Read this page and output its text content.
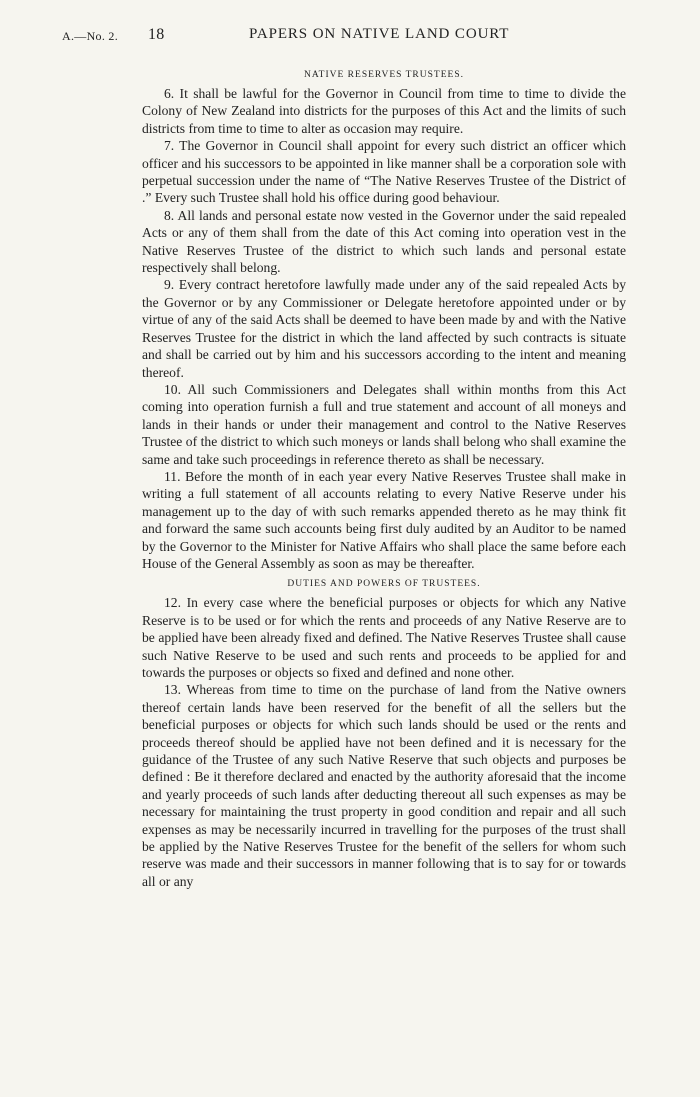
A.—No. 2. 18	PAPERS ON NATIVE LAND COURT
NATIVE RESERVES TRUSTEES.

6. It shall be lawful for the Governor in Council from time to time to divide the Colony of New Zealand into districts for the purposes of this Act and the limits of such districts from time to time to alter as occasion may require.

7. The Governor in Council shall appoint for every such district an officer which officer and his successors to be appointed in like manner shall be a corporation sole with perpetual succession under the name of “The Native Reserves Trustee of the District of .” Every such Trustee shall hold his office during good behaviour.

8. All lands and personal estate now vested in the Governor under the said repealed Acts or any of them shall from the date of this Act coming into operation vest in the Native Reserves Trustee of the district to which such lands and personal estate respectively shall belong.

9. Every contract heretofore lawfully made under any of the said repealed Acts by the Governor or by any Commissioner or Delegate heretofore appointed under or by virtue of any of the said Acts shall be deemed to have been made by and with the Native Reserves Trustee for the district in which the land affected by such contracts is situate and shall be carried out by him and his successors according to the intent and meaning thereof.

10. All such Commissioners and Delegates shall within months from this Act coming into operation furnish a full and true statement and account of all moneys and lands in their hands or under their management and control to the Native Reserves Trustee of the district to which such moneys or lands shall belong who shall examine the same and take such proceedings in reference thereto as shall be necessary.

11. Before the month of in each year every Native Reserves Trustee shall make in writing a full statement of all accounts relating to every Native Reserve under his management up to the day of with such remarks appended thereto as he may think fit and forward the same such accounts being first duly audited by an Auditor to be named by the Governor to the Minister for Native Affairs who shall place the same before each House of the General Assembly as soon as may be thereafter.

DUTIES AND POWERS OF TRUSTEES.

12. In every case where the beneficial purposes or objects for which any Native Reserve is to be used or for which the rents and proceeds of any Native Reserve are to be applied have been already fixed and defined. The Native Reserves Trustee shall cause such Native Reserve to be used and such rents and proceeds to be applied for and towards the purposes or objects so fixed and defined and none other.

13. Whereas from time to time on the purchase of land from the Native owners thereof certain lands have been reserved for the benefit of all the sellers but the beneficial purposes or objects for which such lands should be used or the rents and proceeds thereof should be applied have not been defined and it is necessary for the guidance of the Trustee of any such Native Reserve that such objects and purposes be defined : Be it therefore declared and enacted by the authority aforesaid that the income and yearly proceeds of such lands after deducting thereout all such expenses as may be necessary for maintaining the trust property in good condition and repair and all such expenses as may be necessarily incurred in travelling for the purposes of the trust shall be applied by the Native Reserves Trustee for the benefit of the sellers for whom such reserve was made and their successors in manner following that is to say for or towards all or any
